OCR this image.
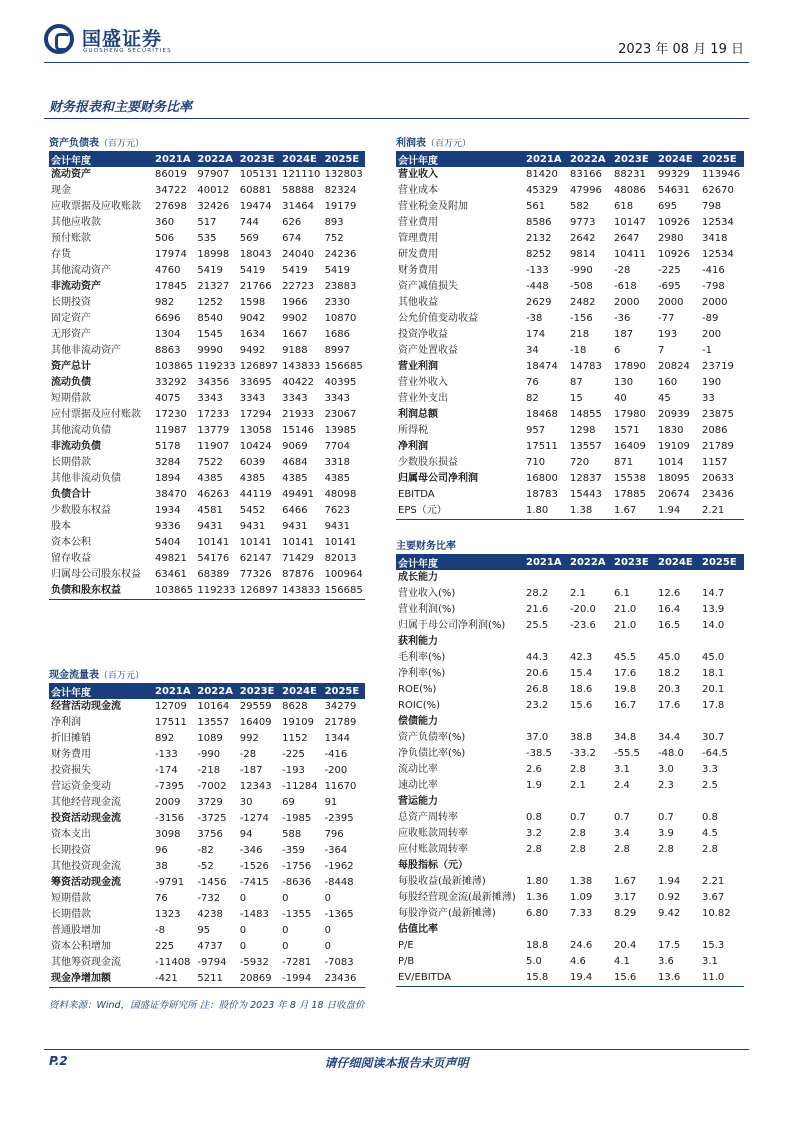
国盛证券
GUOSHENG SECURITIES	2023 年 08 月 19 日
财务报表和主要财务比率
资产负债表（百万元）
会计年度	2021A	2022A	2023E	2024E	2025E
流动资产	86019	97907	105131	121110	132803
现金	34722	40012	60881	58888	82324
应收票据及应收账款	27698	32426	19474	31464	19179
其他应收款	360	517	744	626	893
预付账款	506	535	569	674	752
存货	17974	18998	18043	24040	24236
其他流动资产	4760	5419	5419	5419	5419
非流动资产	17845	21327	21766	22723	23883
长期投资	982	1252	1598	1966	2330
固定资产	6696	8540	9042	9902	10870
无形资产	1304	1545	1634	1667	1686
其他非流动资产	8863	9990	9492	9188	8997
资产总计	103865	119233	126897	143833	156685
流动负债	33292	34356	33695	40422	40395
短期借款	4075	3343	3343	3343	3343
应付票据及应付账款	17230	17233	17294	21933	23067
其他流动负债	11987	13779	13058	15146	13985
非流动负债	5178	11907	10424	9069	7704
长期借款	3284	7522	6039	4684	3318
其他非流动负债	1894	4385	4385	4385	4385
负债合计	38470	46263	44119	49491	48098
少数股东权益	1934	4581	5452	6466	7623
股本	9336	9431	9431	9431	9431
资本公积	5404	10141	10141	10141	10141
留存收益	49821	54176	62147	71429	82013
归属母公司股东权益	63461	68389	77326	87876	100964
负债和股东权益	103865	119233	126897	143833	156685
现金流量表（百万元）
会计年度	2021A	2022A	2023E	2024E	2025E
经营活动现金流	12709	10164	29559	8628	34279
净利润	17511	13557	16409	19109	21789
折旧摊销	892	1089	992	1152	1344
财务费用	-133	-990	-28	-225	-416
投资损失	-174	-218	-187	-193	-200
营运资金变动	-7395	-7002	12343	-11284	11670
其他经营现金流	2009	3729	30	69	91
投资活动现金流	-3156	-3725	-1274	-1985	-2395
资本支出	3098	3756	94	588	796
长期投资	96	-82	-346	-359	-364
其他投资现金流	38	-52	-1526	-1756	-1962
筹资活动现金流	-9791	-1456	-7415	-8636	-8448
短期借款	76	-732	0	0	0
长期借款	1323	4238	-1483	-1355	-1365
普通股增加	-8	95	0	0	0
资本公积增加	225	4737	0	0	0
其他筹资现金流	-11408	-9794	-5932	-7281	-7083
现金净增加额	-421	5211	20869	-1994	23436
利润表（百万元）
会计年度	2021A	2022A	2023E	2024E	2025E
营业收入	81420	83166	88231	99329	113946
营业成本	45329	47996	48086	54631	62670
营业税金及附加	561	582	618	695	798
营业费用	8586	9773	10147	10926	12534
管理费用	2132	2642	2647	2980	3418
研发费用	8252	9814	10411	10926	12534
财务费用	-133	-990	-28	-225	-416
资产减值损失	-448	-508	-618	-695	-798
其他收益	2629	2482	2000	2000	2000
公允价值变动收益	-38	-156	-36	-77	-89
投资净收益	174	218	187	193	200
资产处置收益	34	-18	6	7	-1
营业利润	18474	14783	17890	20824	23719
营业外收入	76	87	130	160	190
营业外支出	82	15	40	45	33
利润总额	18468	14855	17980	20939	23875
所得税	957	1298	1571	1830	2086
净利润	17511	13557	16409	19109	21789
少数股东损益	710	720	871	1014	1157
归属母公司净利润	16800	12837	15538	18095	20633
EBITDA	18783	15443	17885	20674	23436
EPS（元）	1.80	1.38	1.67	1.94	2.21
主要财务比率
会计年度	2021A	2022A	2023E	2024E	2025E
成长能力					
营业收入(%)	28.2	2.1	6.1	12.6	14.7
营业利润(%)	21.6	-20.0	21.0	16.4	13.9
归属于母公司净利润(%)	25.5	-23.6	21.0	16.5	14.0
获利能力					
毛利率(%)	44.3	42.3	45.5	45.0	45.0
净利率(%)	20.6	15.4	17.6	18.2	18.1
ROE(%)	26.8	18.6	19.8	20.3	20.1
ROIC(%)	23.2	15.6	16.7	17.6	17.8
偿债能力					
资产负债率(%)	37.0	38.8	34.8	34.4	30.7
净负债比率(%)	-38.5	-33.2	-55.5	-48.0	-64.5
流动比率	2.6	2.8	3.1	3.0	3.3
速动比率	1.9	2.1	2.4	2.3	2.5
营运能力					
总资产周转率	0.8	0.7	0.7	0.7	0.8
应收账款周转率	3.2	2.8	3.4	3.9	4.5
应付账款周转率	2.8	2.8	2.8	2.8	2.8
每股指标（元）					
每股收益(最新摊薄)	1.80	1.38	1.67	1.94	2.21
每股经营现金流(最新摊薄)	1.36	1.09	3.17	0.92	3.67
每股净资产(最新摊薄)	6.80	7.33	8.29	9.42	10.82
估值比率					
P/E	18.8	24.6	20.4	17.5	15.3
P/B	5.0	4.6	4.1	3.6	3.1
EV/EBITDA	15.8	19.4	15.6	13.6	11.0
资料来源：Wind，国盛证券研究所 注：股价为 2023 年 8 月 18 日收盘价
P.2	请仔细阅读本报告末页声明
